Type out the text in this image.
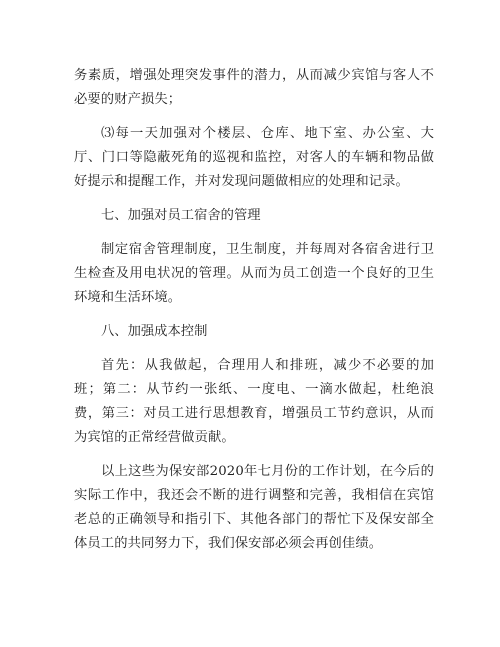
务素质，增强处理突发事件的潜力，从而减少宾馆与客人不必要的财产损失；

⑶每一天加强对个楼层、仓库、地下室、办公室、大厅、门口等隐蔽死角的巡视和监控，对客人的车辆和物品做好提示和提醒工作，并对发现问题做相应的处理和记录。

七、加强对员工宿舍的管理

制定宿舍管理制度，卫生制度，并每周对各宿舍进行卫生检查及用电状况的管理。从而为员工创造一个良好的卫生环境和生活环境。

八、加强成本控制

首先：从我做起，合理用人和排班，减少不必要的加班；第二：从节约一张纸、一度电、一滴水做起，杜绝浪费，第三：对员工进行思想教育，增强员工节约意识，从而为宾馆的正常经营做贡献。

以上这些为保安部2020年七月份的工作计划，在今后的实际工作中，我还会不断的进行调整和完善，我相信在宾馆老总的正确领导和指引下、其他各部门的帮忙下及保安部全体员工的共同努力下，我们保安部必须会再创佳绩。
